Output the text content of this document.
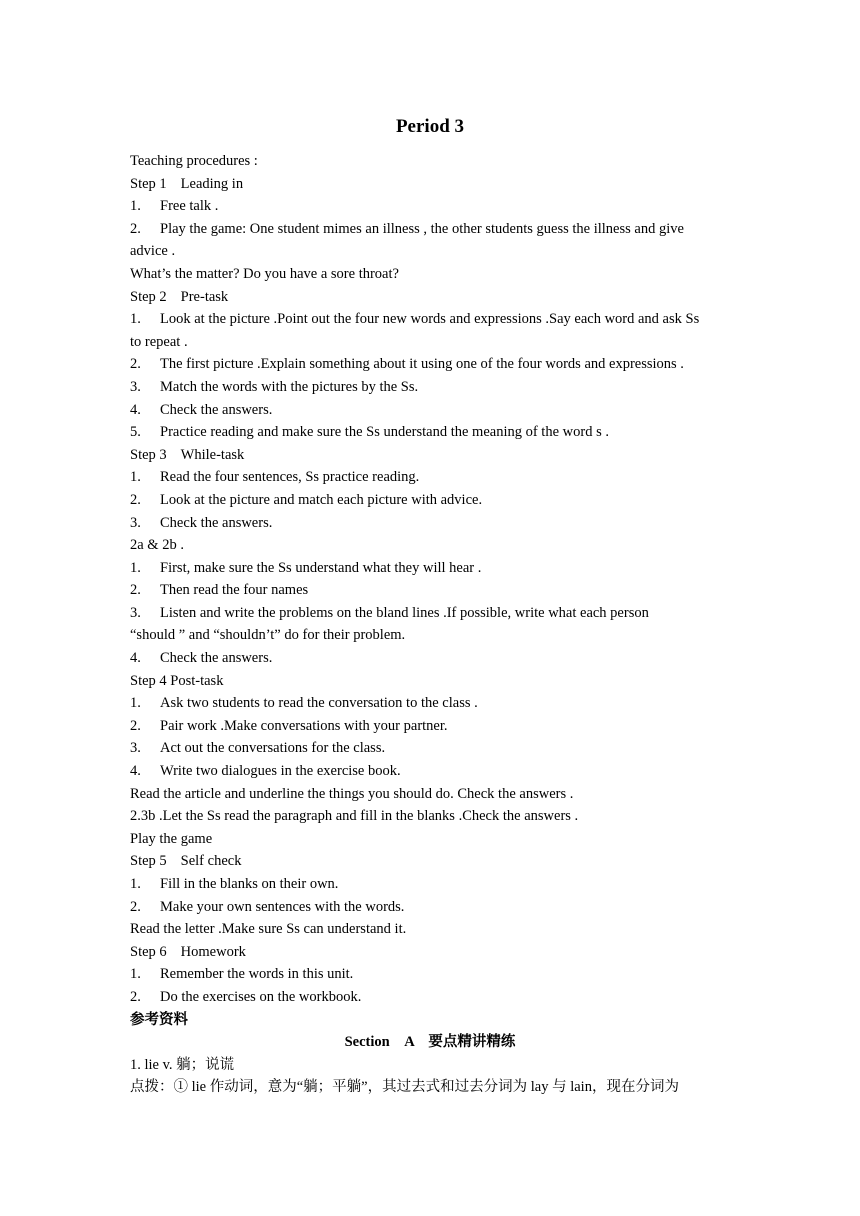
Period 3
Teaching procedures :
Step 1 Leading in
1.	Free talk .
2.	Play the game: One student mimes an illness , the other students guess the illness and give
advice .
What’s the matter? Do you have a sore throat?
Step 2 Pre-task
1.	Look at the picture .Point out the four new words and expressions .Say each word and ask Ss
to repeat .
2.	The first picture .Explain something about it using one of the four words and expressions .
3.	Match the words with the pictures by the Ss.
4.	Check the answers.
5.	Practice reading and make sure the Ss understand the meaning of the word s .
Step 3 While-task
1.	Read the four sentences, Ss practice reading.
2.	Look at the picture and match each picture with advice.
3.	Check the answers.
2a & 2b .
1.	First, make sure the Ss understand what they will hear .
2.	Then read the four names
3.	Listen and write the problems on the bland lines .If possible, write what each person
“should ” and “shouldn’t” do for their problem.
4.	Check the answers.
Step 4 Post-task
1.	Ask two students to read the conversation to the class .
2.	Pair work .Make conversations with your partner.
3.	Act out the conversations for the class.
4.	Write two dialogues in the exercise book.
Read the article and underline the things you should do. Check the answers .
2.3b .Let the Ss read the paragraph and fill in the blanks .Check the answers .
Play the game
Step 5 Self check
1.	Fill in the blanks on their own.
2.	Make your own sentences with the words.
Read the letter .Make sure Ss can understand it.
Step 6 Homework
1.	Remember the words in this unit.
2.	Do the exercises on the workbook.
参考资料
Section　A　要点精讲精练
1. lie v. 躺；说谎
点拨：① lie 作动词，意为“躺；平躺”，其过去式和过去分词为 lay 与 lain，现在分词为
